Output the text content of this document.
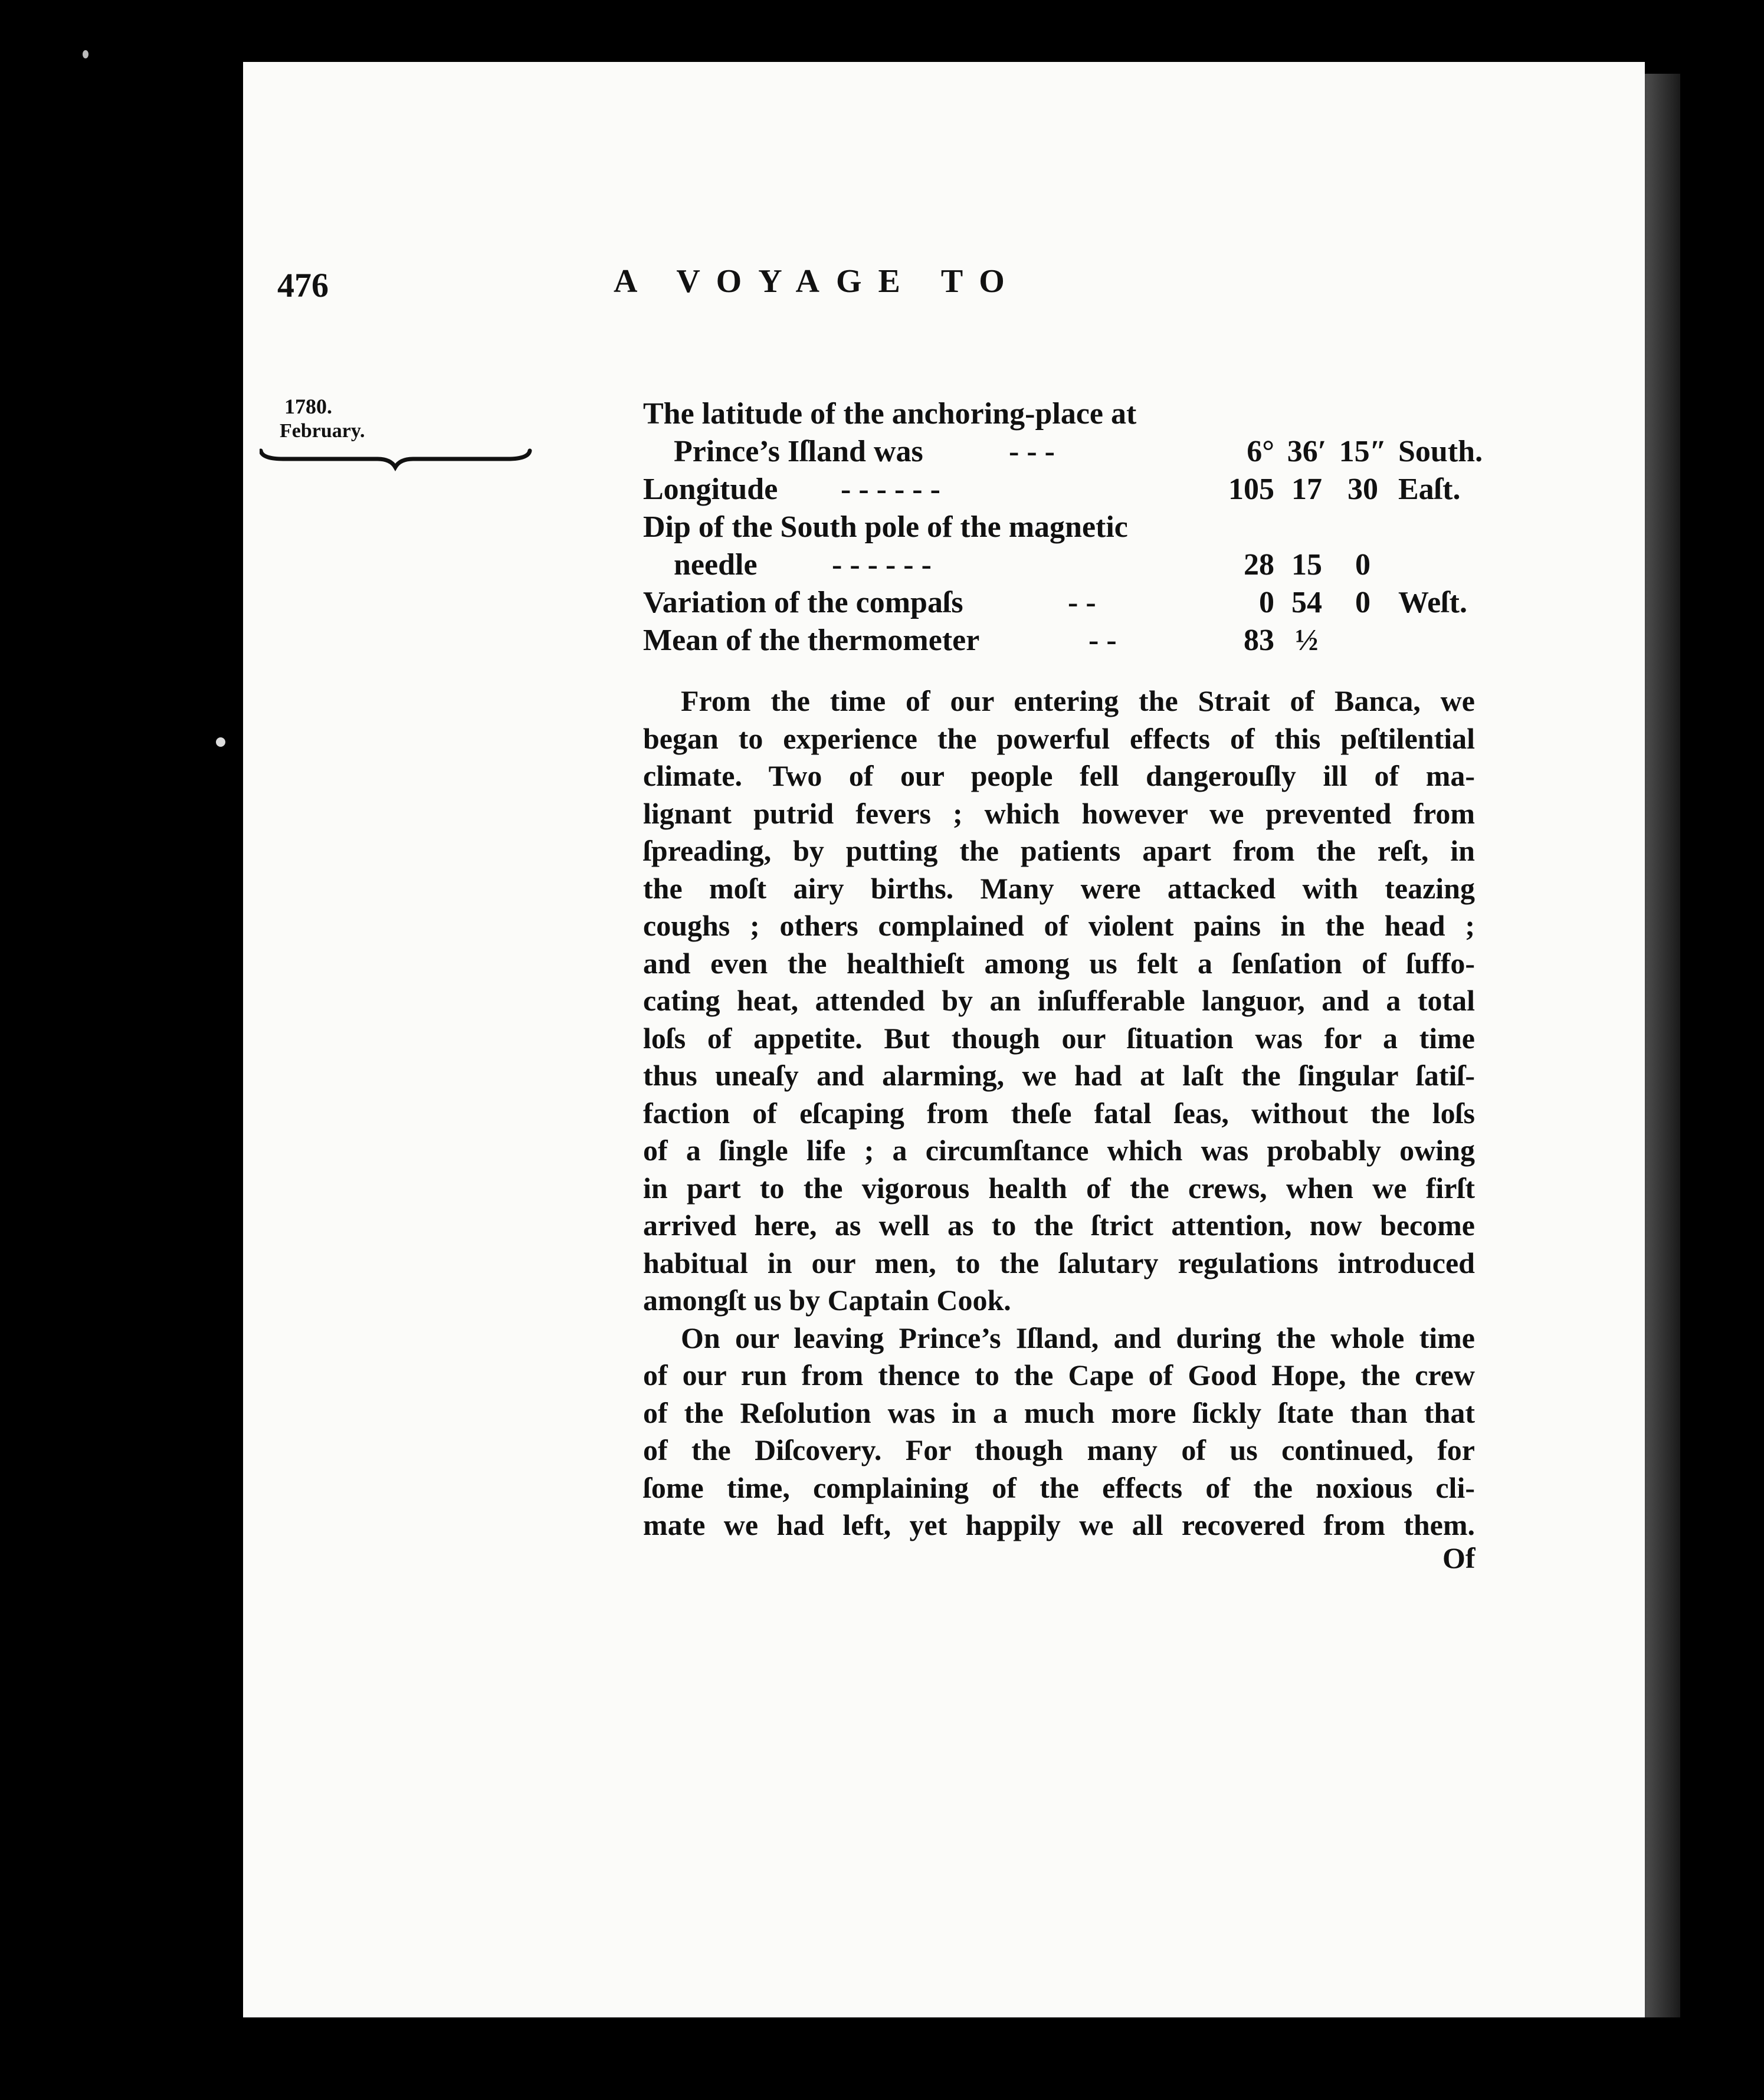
476	A VOYAGE TO
1780.
February.
The latitude of the anchoring-place at
Prince’s Iſland was	- - -	6° 36′ 15″ South.
Longitude - - - - - -	105 17 30 Eaſt.
Dip of the South pole of the magnetic
needle - - - - - -	28 15	0
Variation of the compaſs	- -	0 54	0 Weſt.
Mean of the thermometer	- -	83 ½
From the time of our entering the Strait of Banca, we
began to experience the powerful effects of this peſtilential
climate. Two of our people fell dangerouſly ill of ma-
lignant putrid fevers ; which however we prevented from
ſpreading, by putting the patients apart from the reſt, in
the moſt airy births. Many were attacked with teazing
coughs ; others complained of violent pains in the head ;
and even the healthieſt among us felt a ſenſation of ſuffo-
cating heat, attended by an inſufferable languor, and a total
loſs of appetite. But though our ſituation was for a time
thus uneaſy and alarming, we had at laſt the ſingular ſatiſ-
faction of eſcaping from theſe fatal ſeas, without the loſs
of a ſingle life ; a circumſtance which was probably owing
in part to the vigorous health of the crews, when we firſt
arrived here, as well as to the ſtrict attention, now become
habitual in our men, to the ſalutary regulations introduced
amongſt us by Captain Cook.
On our leaving Prince’s Iſland, and during the whole time
of our run from thence to the Cape of Good Hope, the crew
of the Reſolution was in a much more ſickly ſtate than that
of the Diſcovery. For though many of us continued, for
ſome time, complaining of the effects of the noxious cli-
mate we had left, yet happily we all recovered from them.
Of
